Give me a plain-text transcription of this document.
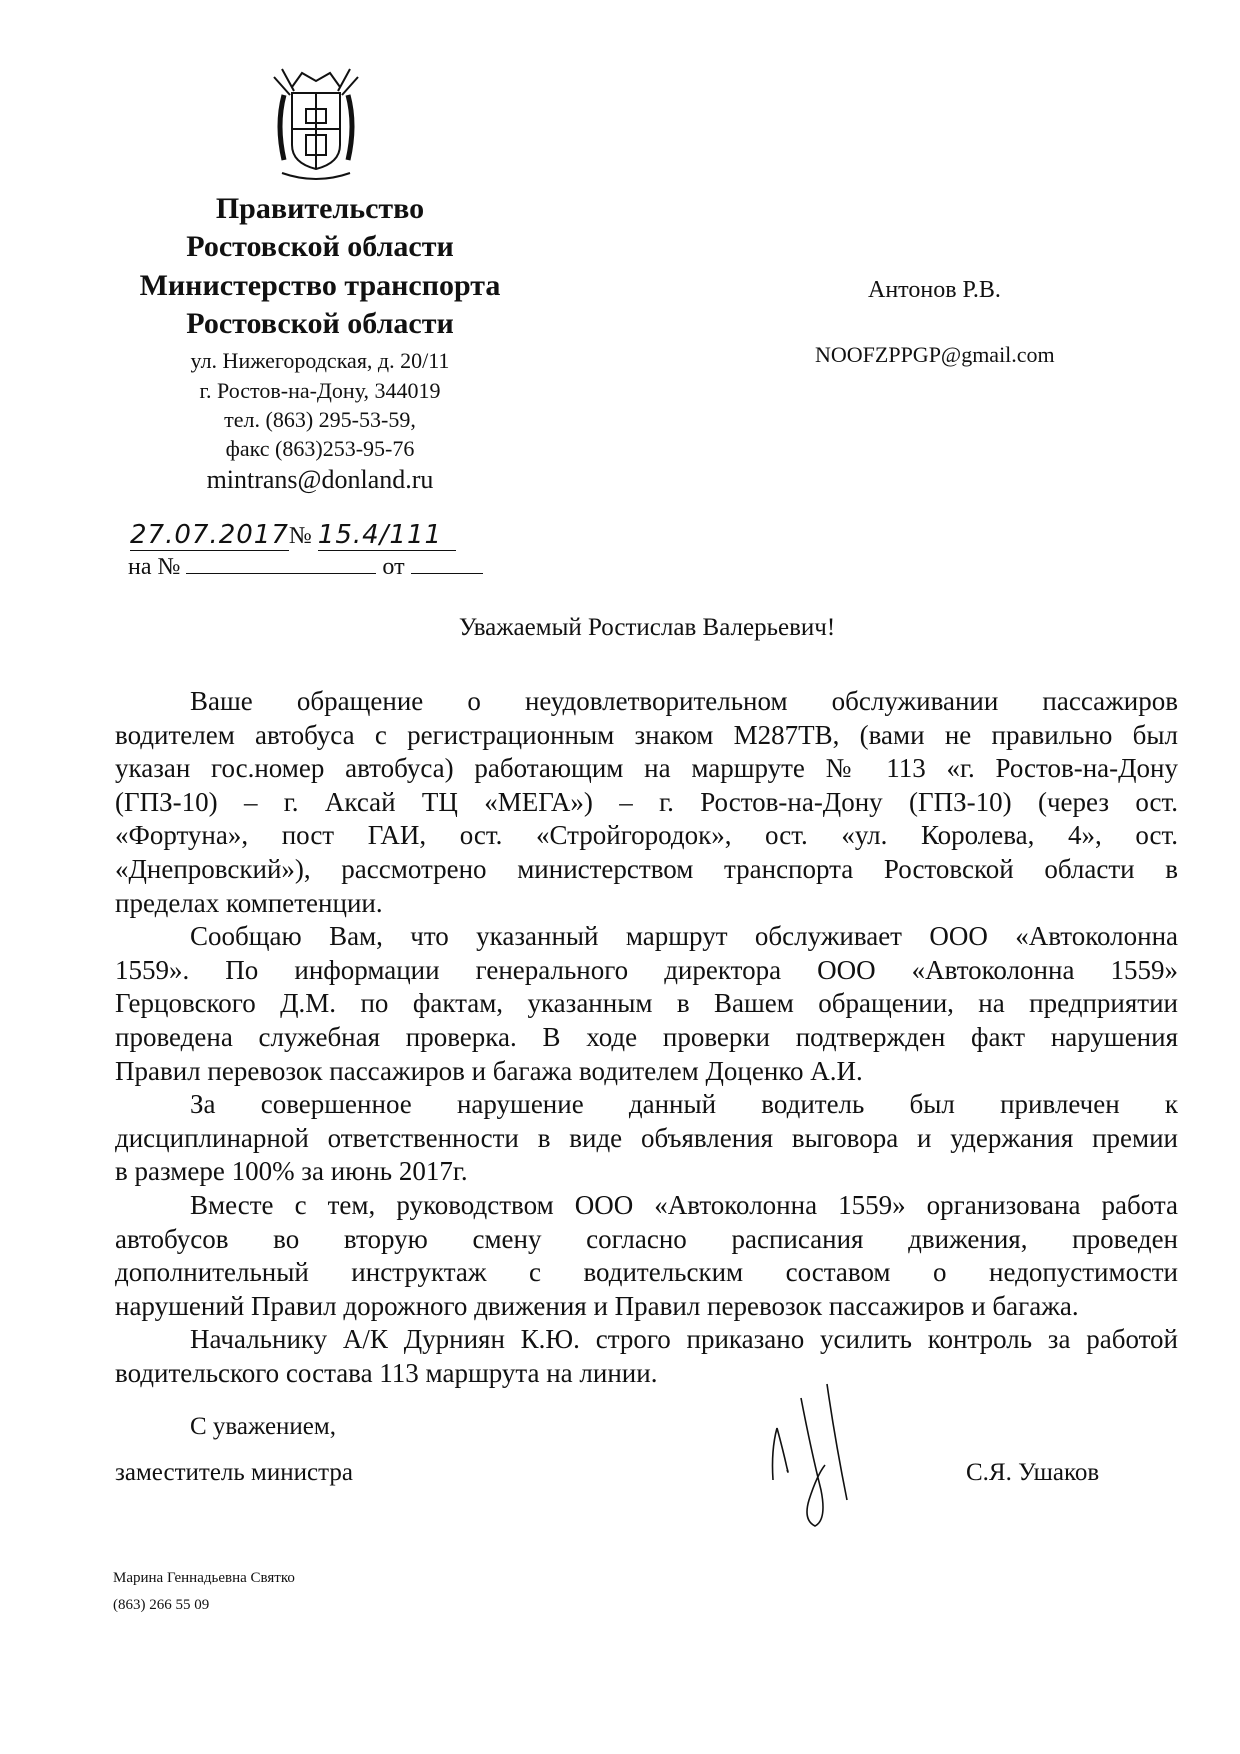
Правительство
Ростовской области
Министерство транспорта
Ростовской области
ул. Нижегородская, д. 20/11
г. Ростов-на-Дону, 344019
тел. (863) 295-53-59,
факс (863)253-95-76
mintrans@donland.ru
27.07.2017№ 15.4/111
на №	от
Антонов Р.В.
NOOFZPPGP@gmail.com
Уважаемый Ростислав Валерьевич!
Ваше обращение о неудовлетворительном обслуживании пассажиров
водителем автобуса с регистрационным знаком М287ТВ, (вами не правильно был
указан гос.номер автобуса) работающим на маршруте № 113 «г. Ростов-на-Дону
(ГПЗ-10) – г. Аксай ТЦ «МЕГА») – г. Ростов-на-Дону (ГПЗ-10) (через ост.
«Фортуна», пост ГАИ, ост. «Стройгородок», ост. «ул. Королева, 4», ост.
«Днепровский»), рассмотрено министерством транспорта Ростовской области в
пределах компетенции.
Сообщаю Вам, что указанный маршрут обслуживает ООО «Автоколонна
1559». По информации генерального директора ООО «Автоколонна 1559»
Герцовского Д.М. по фактам, указанным в Вашем обращении, на предприятии
проведена служебная проверка. В ходе проверки подтвержден факт нарушения
Правил перевозок пассажиров и багажа водителем Доценко А.И.
За совершенное нарушение данный водитель был привлечен к
дисциплинарной ответственности в виде объявления выговора и удержания премии
в размере 100% за июнь 2017г.
Вместе с тем, руководством ООО «Автоколонна 1559» организована работа
автобусов во вторую смену согласно расписания движения, проведен
дополнительный инструктаж с водительским составом о недопустимости
нарушений Правил дорожного движения и Правил перевозок пассажиров и багажа.
Начальнику А/К Дурниян К.Ю. строго приказано усилить контроль за работой
водительского состава 113 маршрута на линии.
С уважением,
заместитель министра	С.Я. Ушаков
Марина Геннадьевна Святко
(863) 266 55 09
